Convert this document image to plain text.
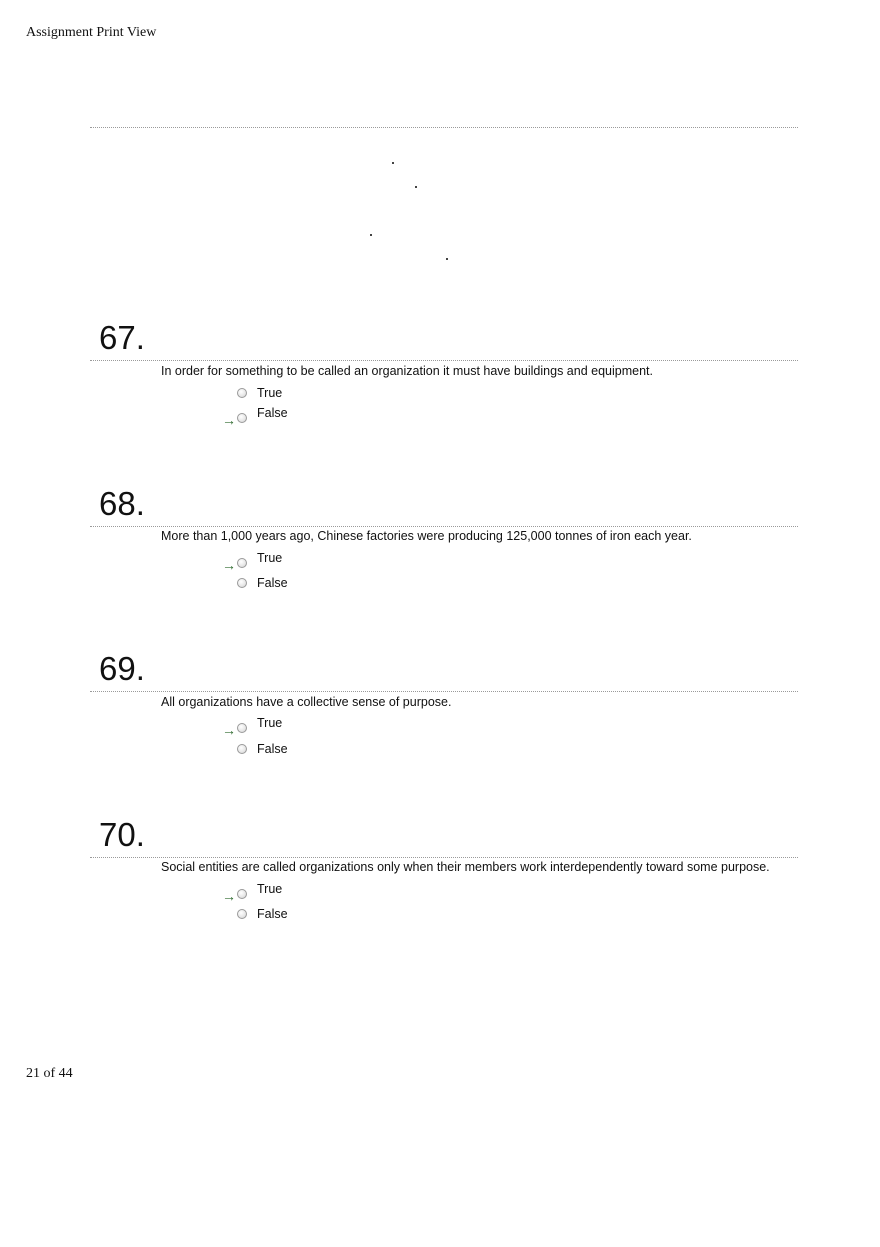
Assignment Print View
67.
In order for something to be called an organization it must have buildings and equipment.
True
→ False
68.
More than 1,000 years ago, Chinese factories were producing 125,000 tonnes of iron each year.
→ True
False
69.
All organizations have a collective sense of purpose.
→ True
False
70.
Social entities are called organizations only when their members work interdependently toward some purpose.
→ True
False
21 of 44
